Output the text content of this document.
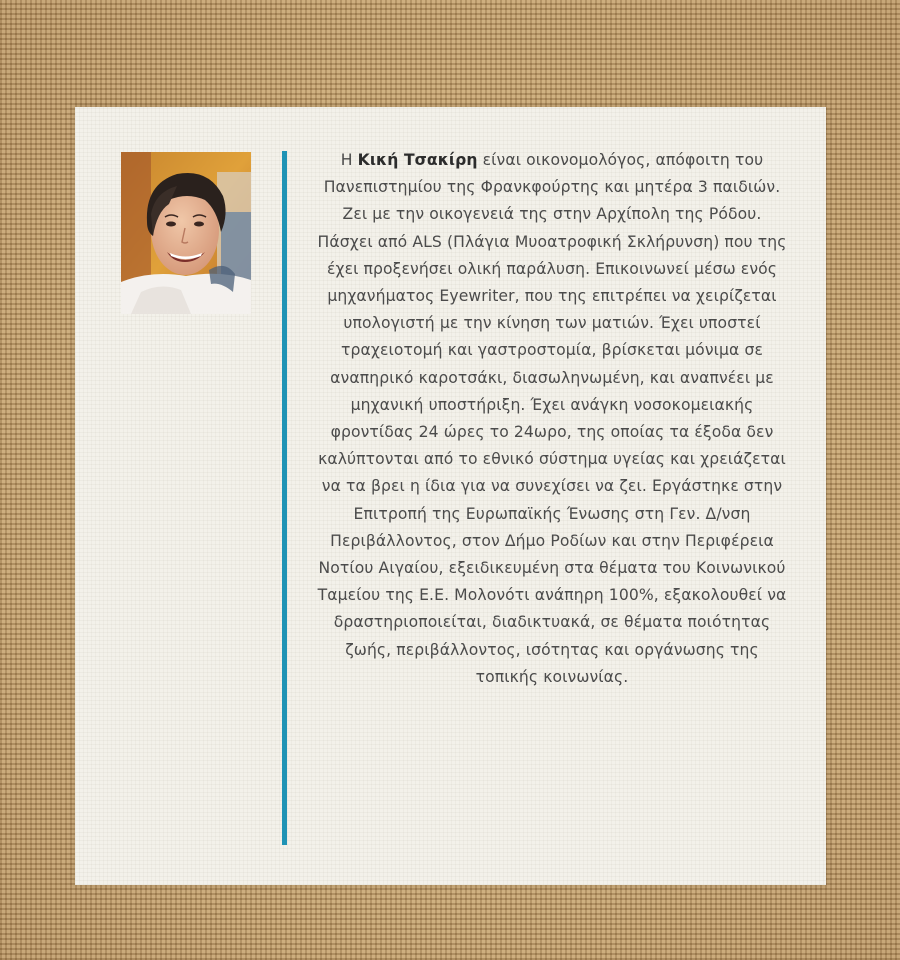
Η Κική Τσακίρη είναι οικονομολόγος, απόφοιτη του Πανεπιστημίου της Φρανκφούρτης και μητέρα 3 παιδιών. Ζει με την οικογενειά της στην Αρχίπολη της Ρόδου. Πάσχει από ALS (Πλάγια Μυοατροφική Σκλήρυνση) που της έχει προξενήσει ολική παράλυση. Επικοινωνεί μέσω ενός μηχανήματος Eyewriter, που της επιτρέπει να χειρίζεται υπολογιστή με την κίνηση των ματιών. Έχει υποστεί τραχειοτομή και γαστροστομία, βρίσκεται μόνιμα σε αναπηρικό καροτσάκι, διασωληνωμένη, και αναπνέει με μηχανική υποστήριξη. Έχει ανάγκη νοσοκομειακής φροντίδας 24 ώρες το 24ωρο, της οποίας τα έξοδα δεν καλύπτονται από το εθνικό σύστημα υγείας και χρειάζεται να τα βρει η ίδια για να συνεχίσει να ζει. Εργάστηκε στην Επιτροπή της Ευρωπαϊκής Ένωσης στη Γεν. Δ/νση Περιβάλλοντος, στον Δήμο Ροδίων και στην Περιφέρεια Νοτίου Αιγαίου, εξειδικευμένη στα θέματα του Κοινωνικού Ταμείου της Ε.Ε. Μολονότι ανάπηρη 100%, εξακολουθεί να δραστηριοποιείται, διαδικτυακά, σε θέματα ποιότητας ζωής, περιβάλλοντος, ισότητας και οργάνωσης της τοπικής κοινωνίας.
